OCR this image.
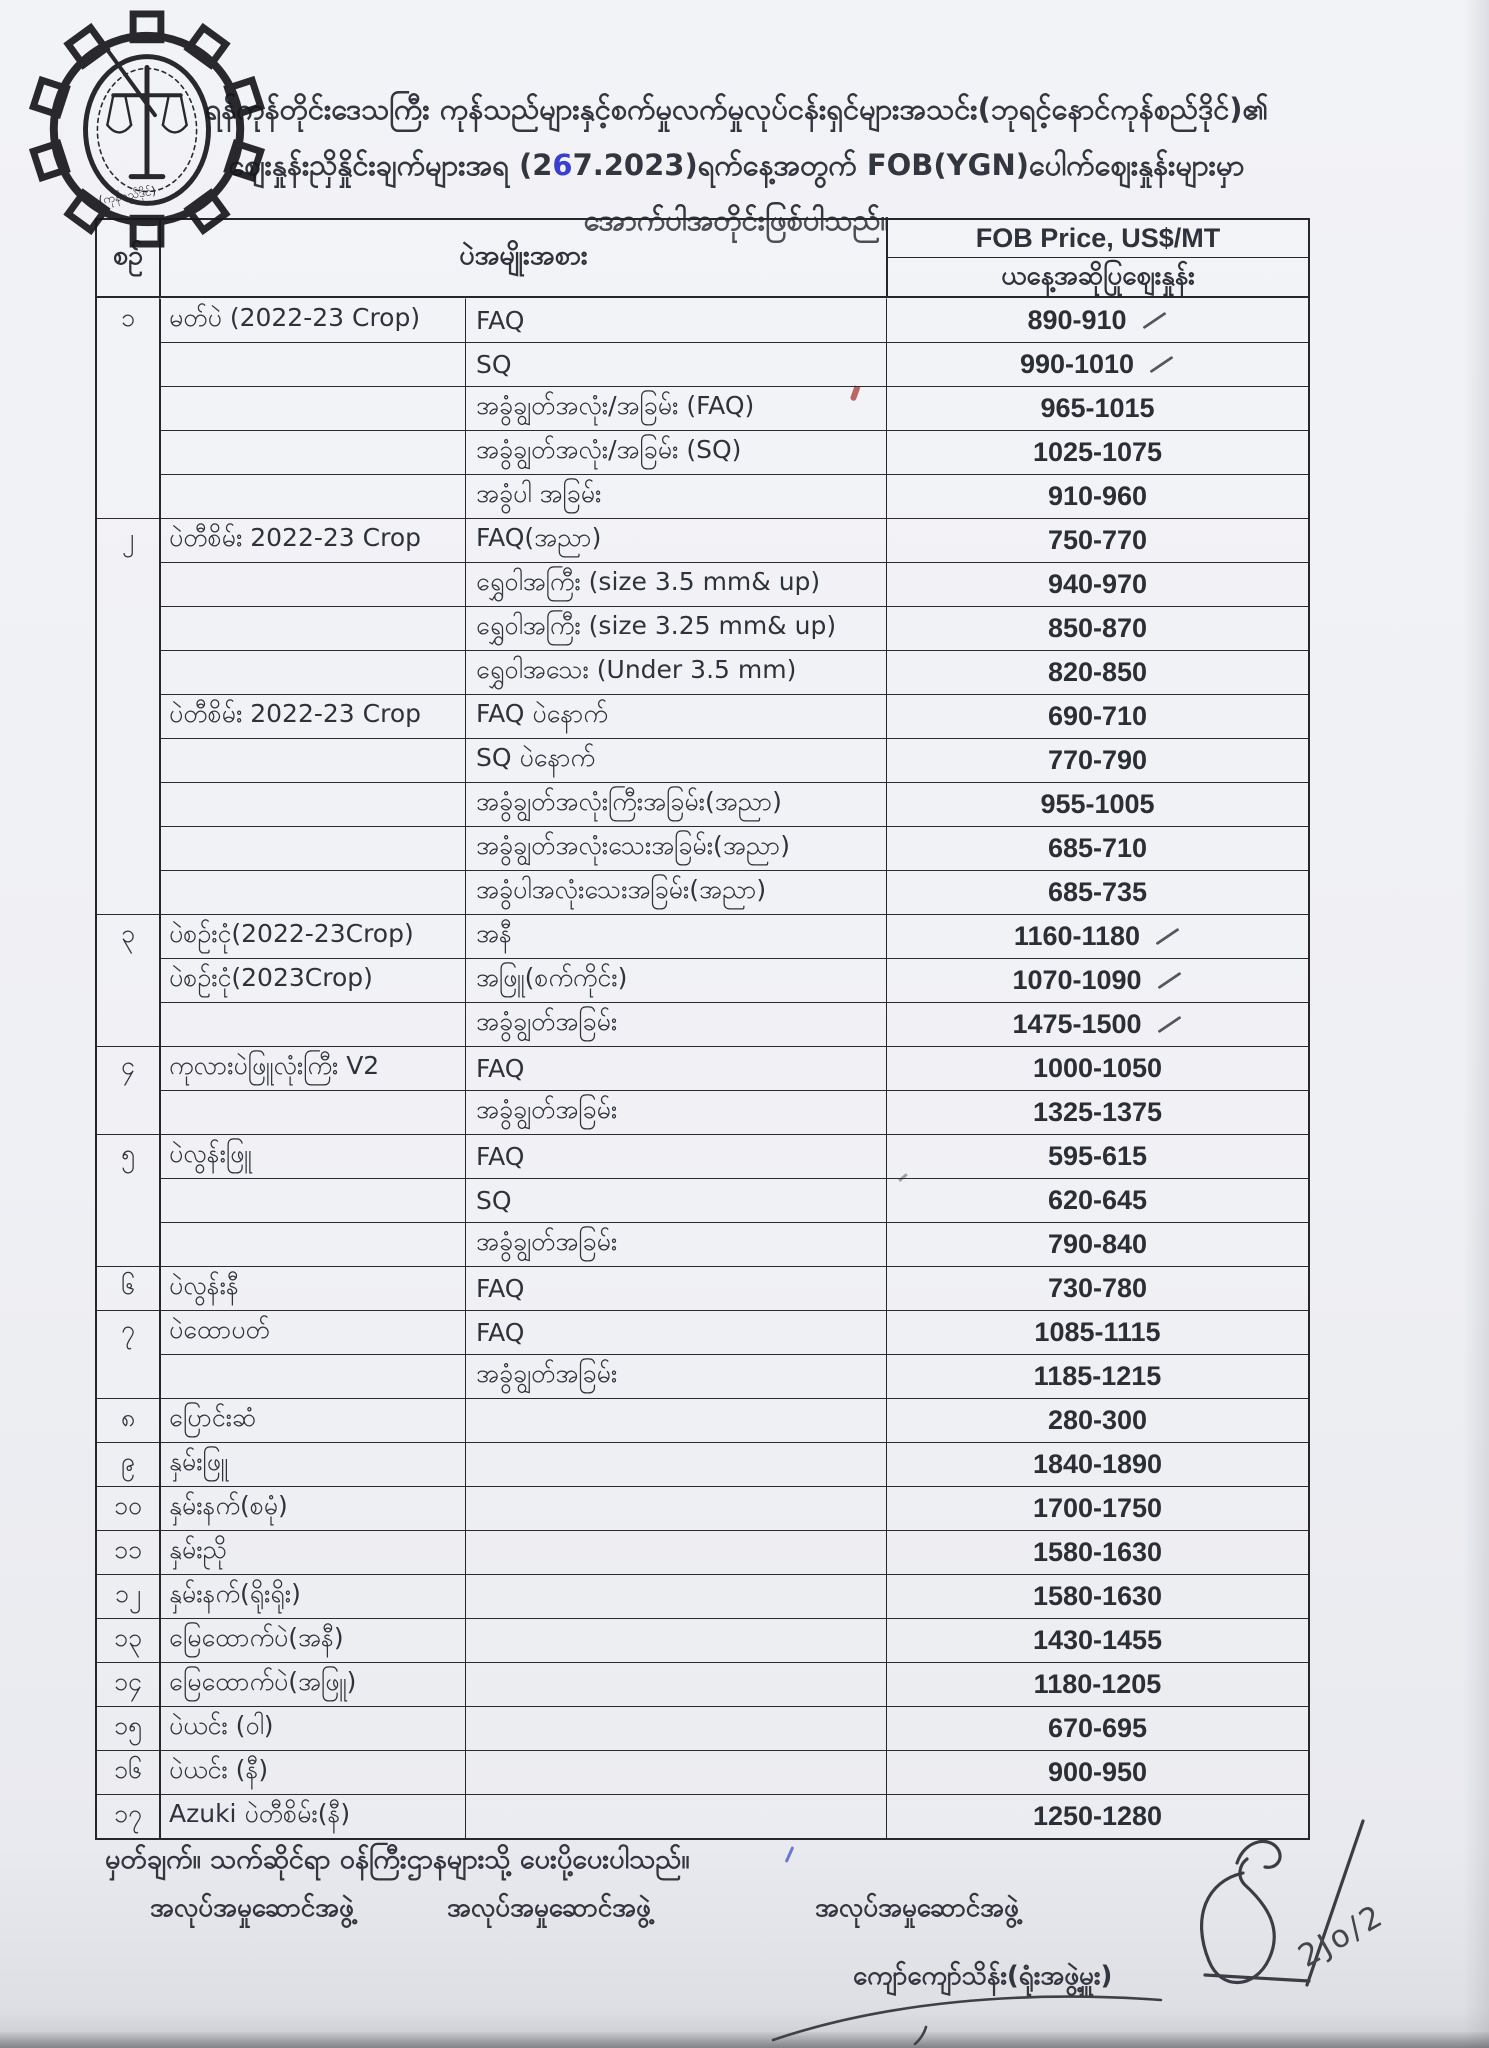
(ကုန်စည်ဒိုင်)
ရန်ကုန်တိုင်းဒေသကြီး ကုန်သည်များနှင့်စက်မှုလက်မှုလုပ်ငန်းရှင်များအသင်း(ဘုရင့်နောင်ကုန်စည်ဒိုင်)၏
ဈေးနှုန်းညှိနှိုင်းချက်များအရ (267.2023)ရက်နေ့အတွက် FOB(YGN)ပေါက်ဈေးနှုန်းများမှာ
အောက်ပါအတိုင်းဖြစ်ပါသည်။
စဉ်	ပဲအမျိုးအစား
FOB Price, US$/MT
ယနေ့အဆိုပြုဈေးနှုန်း
၁	မတ်ပဲ (2022-23 Crop)	FAQ	890-910
SQ	990-1010
အခွံချွတ်အလုံး/အခြမ်း (FAQ)	965-1015
အခွံချွတ်အလုံး/အခြမ်း (SQ)	1025-1075
အခွံပါ အခြမ်း	910-960
၂	ပဲတီစိမ်း 2022-23 Crop	FAQ(အညာ)	750-770
ရွှေဝါအကြီး (size 3.5 mm& up)	940-970
ရွှေဝါအကြီး (size 3.25 mm& up)	850-870
ရွှေဝါအသေး (Under 3.5 mm)	820-850
ပဲတီစိမ်း 2022-23 Crop	FAQ ပဲနောက်	690-710
SQ ပဲနောက်	770-790
အခွံချွတ်အလုံးကြီးအခြမ်း(အညာ)	955-1005
အခွံချွတ်အလုံးသေးအခြမ်း(အညာ)	685-710
အခွံပါအလုံးသေးအခြမ်း(အညာ)	685-735
၃	ပဲစဉ်းငုံ(2022-23Crop)	အနီ	1160-1180
ပဲစဉ်းငုံ(2023Crop)	အဖြူ(စက်ကိုင်း)	1070-1090
အခွံချွတ်အခြမ်း	1475-1500
၄	ကုလားပဲဖြူလုံးကြီး V2	FAQ	1000-1050
အခွံချွတ်အခြမ်း	1325-1375
၅	ပဲလွန်းဖြူ	FAQ	595-615
SQ	620-645
အခွံချွတ်အခြမ်း	790-840
၆	ပဲလွန်းနီ	FAQ	730-780
၇	ပဲထောပတ်	FAQ	1085-1115
အခွံချွတ်အခြမ်း	1185-1215
၈	ပြောင်းဆံ	280-300
၉	နှမ်းဖြူ	1840-1890
၁၀	နှမ်းနက်(စမုံ)	1700-1750
၁၁	နှမ်းညို	1580-1630
၁၂	နှမ်းနက်(ရိုးရိုး)	1580-1630
၁၃	မြေထောက်ပဲ(အနီ)	1430-1455
၁၄	မြေထောက်ပဲ(အဖြူ)	1180-1205
၁၅	ပဲယင်း (ဝါ)	670-695
၁၆	ပဲယင်း (နီ)	900-950
၁၇	Azuki ပဲတီစိမ်း(နီ)	1250-1280
မှတ်ချက်။ သက်ဆိုင်ရာ ဝန်ကြီးဌာနများသို့ ပေးပို့ပေးပါသည်။
အလုပ်အမှုဆောင်အဖွဲ့	အလုပ်အမှုဆောင်အဖွဲ့	အလုပ်အမှုဆောင်အဖွဲ့
ကျော်ကျော်သိန်း(ရုံးအဖွဲ့မှူး)
2Jo/2
